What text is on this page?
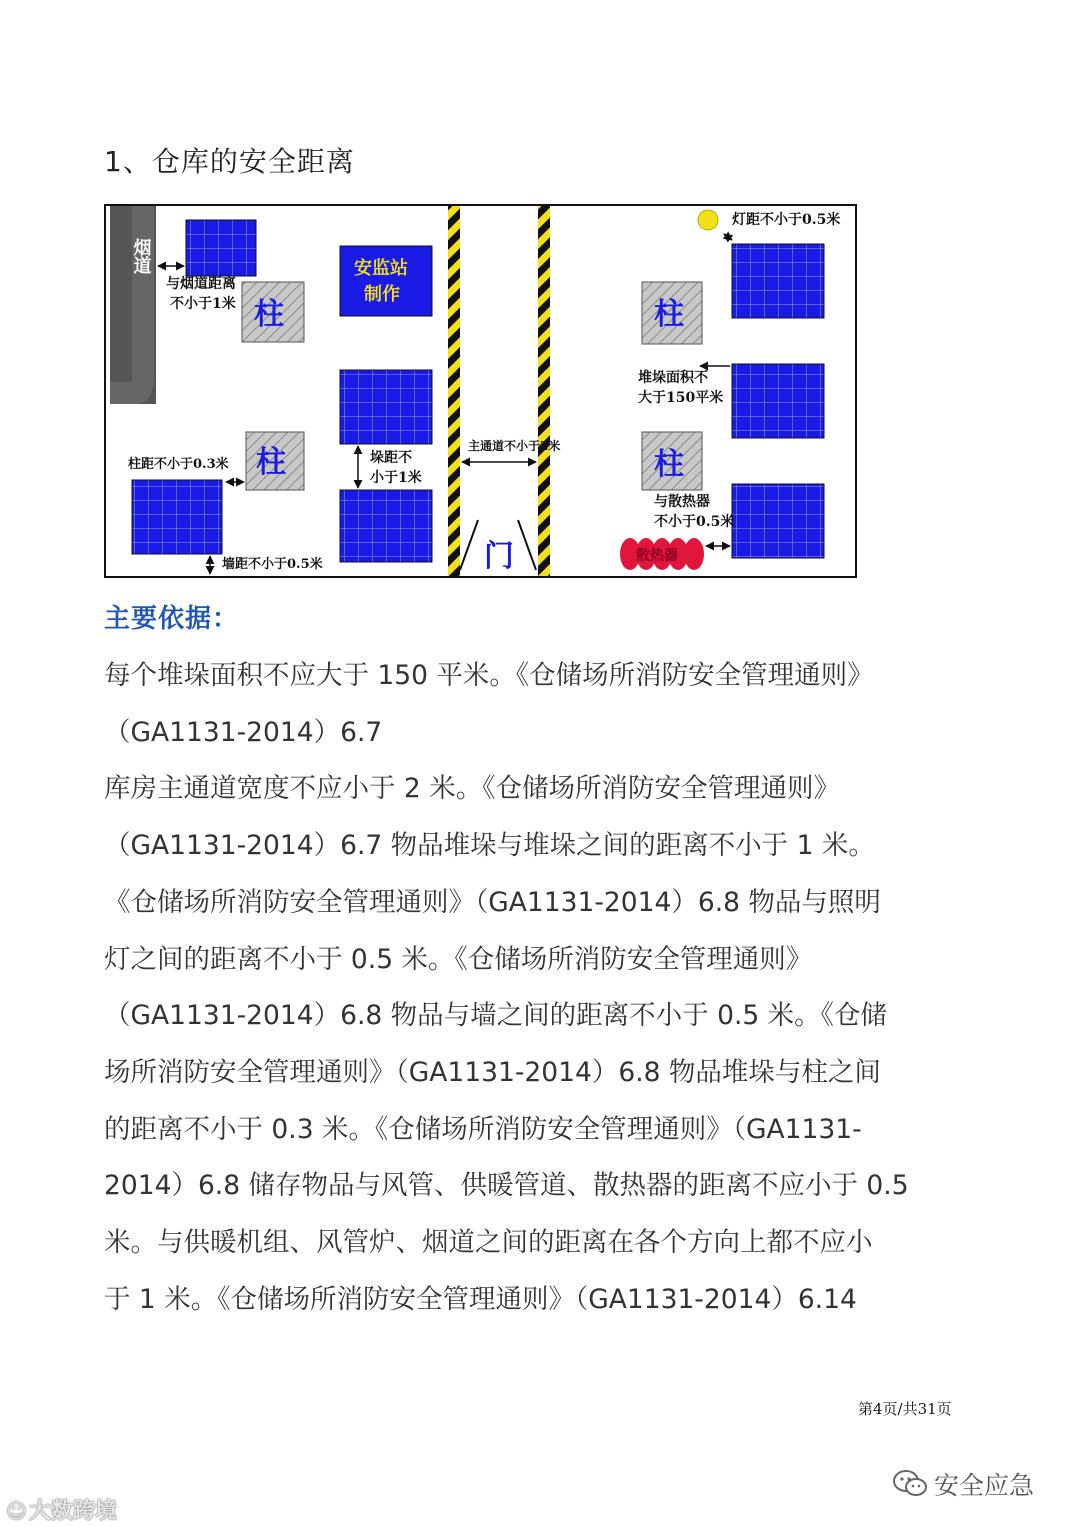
1、仓库的安全距离
烟道
与烟道距离
不小于1米 柱
安监站
制作
垛距不
小于1米
柱
柱距不小于0.3米
墙距不小于0.5米
主通道不小于2米
门
灯距不小于0.5米
柱
柱
堆垛面积不
大于150平米
与散热器
不小于0.5米
散热器
主要依据：
每个堆垛面积不应大于 150 平米。《仓储场所消防安全管理通则》
（GA1131-2014）6.7
库房主通道宽度不应小于 2 米。《仓储场所消防安全管理通则》
（GA1131-2014）6.7 物品堆垛与堆垛之间的距离不小于 1 米。
《仓储场所消防安全管理通则》（GA1131-2014）6.8 物品与照明
灯之间的距离不小于 0.5 米。《仓储场所消防安全管理通则》
（GA1131-2014）6.8 物品与墙之间的距离不小于 0.5 米。《仓储
场所消防安全管理通则》（GA1131-2014）6.8 物品堆垛与柱之间
的距离不小于 0.3 米。《仓储场所消防安全管理通则》（GA1131-
2014）6.8 储存物品与风管、供暖管道、散热器的距离不应小于 0.5
米。与供暖机组、风管炉、烟道之间的距离在各个方向上都不应小
于 1 米。《仓储场所消防安全管理通则》（GA1131-2014）6.14
第4页/共31页
☺大数跨境
安全应急
